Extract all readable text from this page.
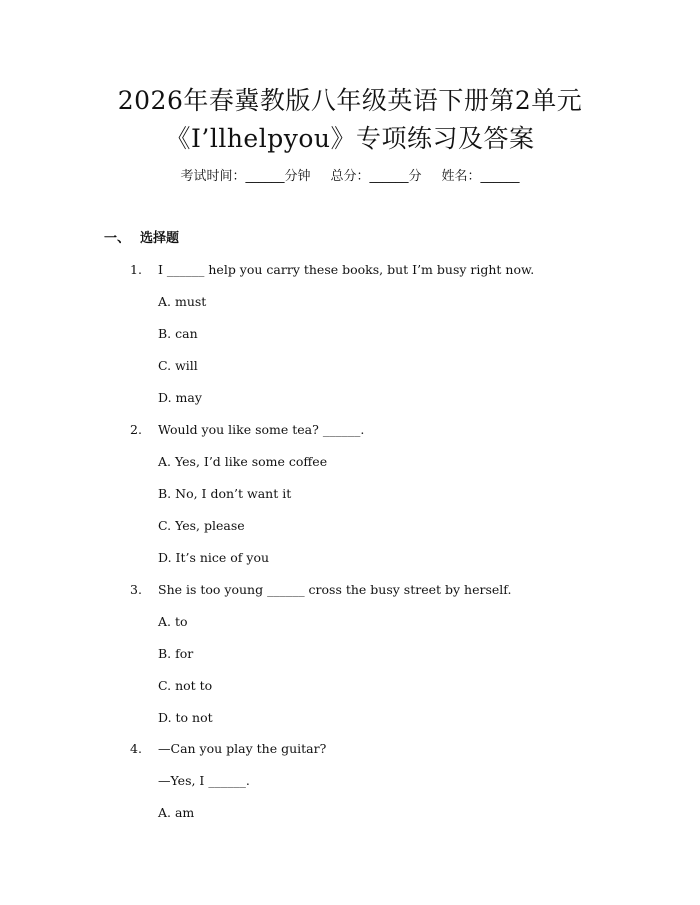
2026年春冀教版八年级英语下册第2单元
《I’llhelpyou》专项练习及答案
考试时间：______分钟 总分：______分 姓名：______
一、 选择题
1. I ______ help you carry these books, but I’m busy right now.
A. must
B. can
C. will
D. may
2. Would you like some tea? ______.
A. Yes, I’d like some coffee
B. No, I don’t want it
C. Yes, please
D. It’s nice of you
3. She is too young ______ cross the busy street by herself.
A. to
B. for
C. not to
D. to not
4. —Can you play the guitar?
—Yes, I ______.
A. am
